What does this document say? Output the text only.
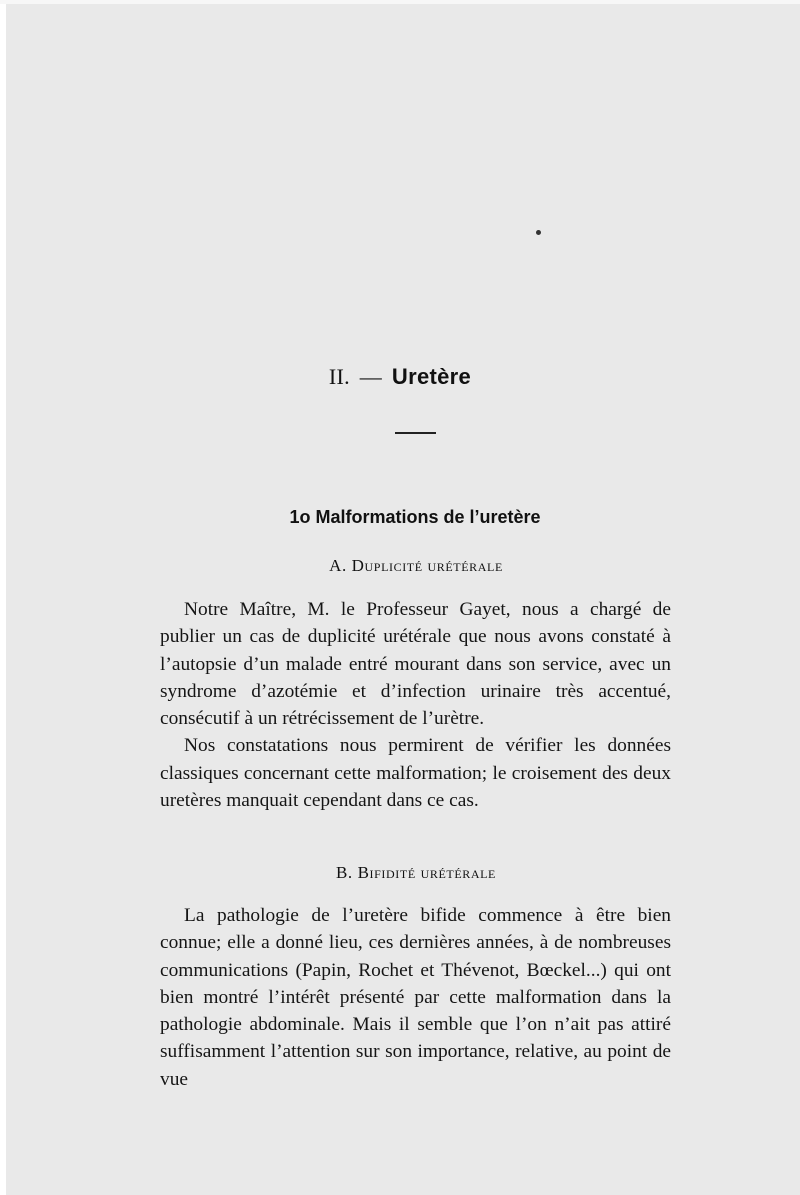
II. — Uretère
1o Malformations de l’uretère
A. Duplicité urétérale

Notre Maître, M. le Professeur Gayet, nous a chargé de publier un cas de duplicité urétérale que nous avons constaté à l’autopsie d’un malade entré mourant dans son service, avec un syndrome d’azotémie et d’infection urinaire très accentué, consécutif à un rétrécissement de l’urètre.

Nos constatations nous permirent de vérifier les données classiques concernant cette malformation; le croisement des deux uretères manquait cependant dans ce cas.

B. Bifidité urétérale

La pathologie de l’uretère bifide commence à être bien connue; elle a donné lieu, ces dernières années, à de nombreuses communications (Papin, Rochet et Thévenot, Bœckel...) qui ont bien montré l’intérêt présenté par cette malformation dans la pathologie abdominale. Mais il semble que l’on n’ait pas attiré suffisamment l’attention sur son importance, relative, au point de vue
